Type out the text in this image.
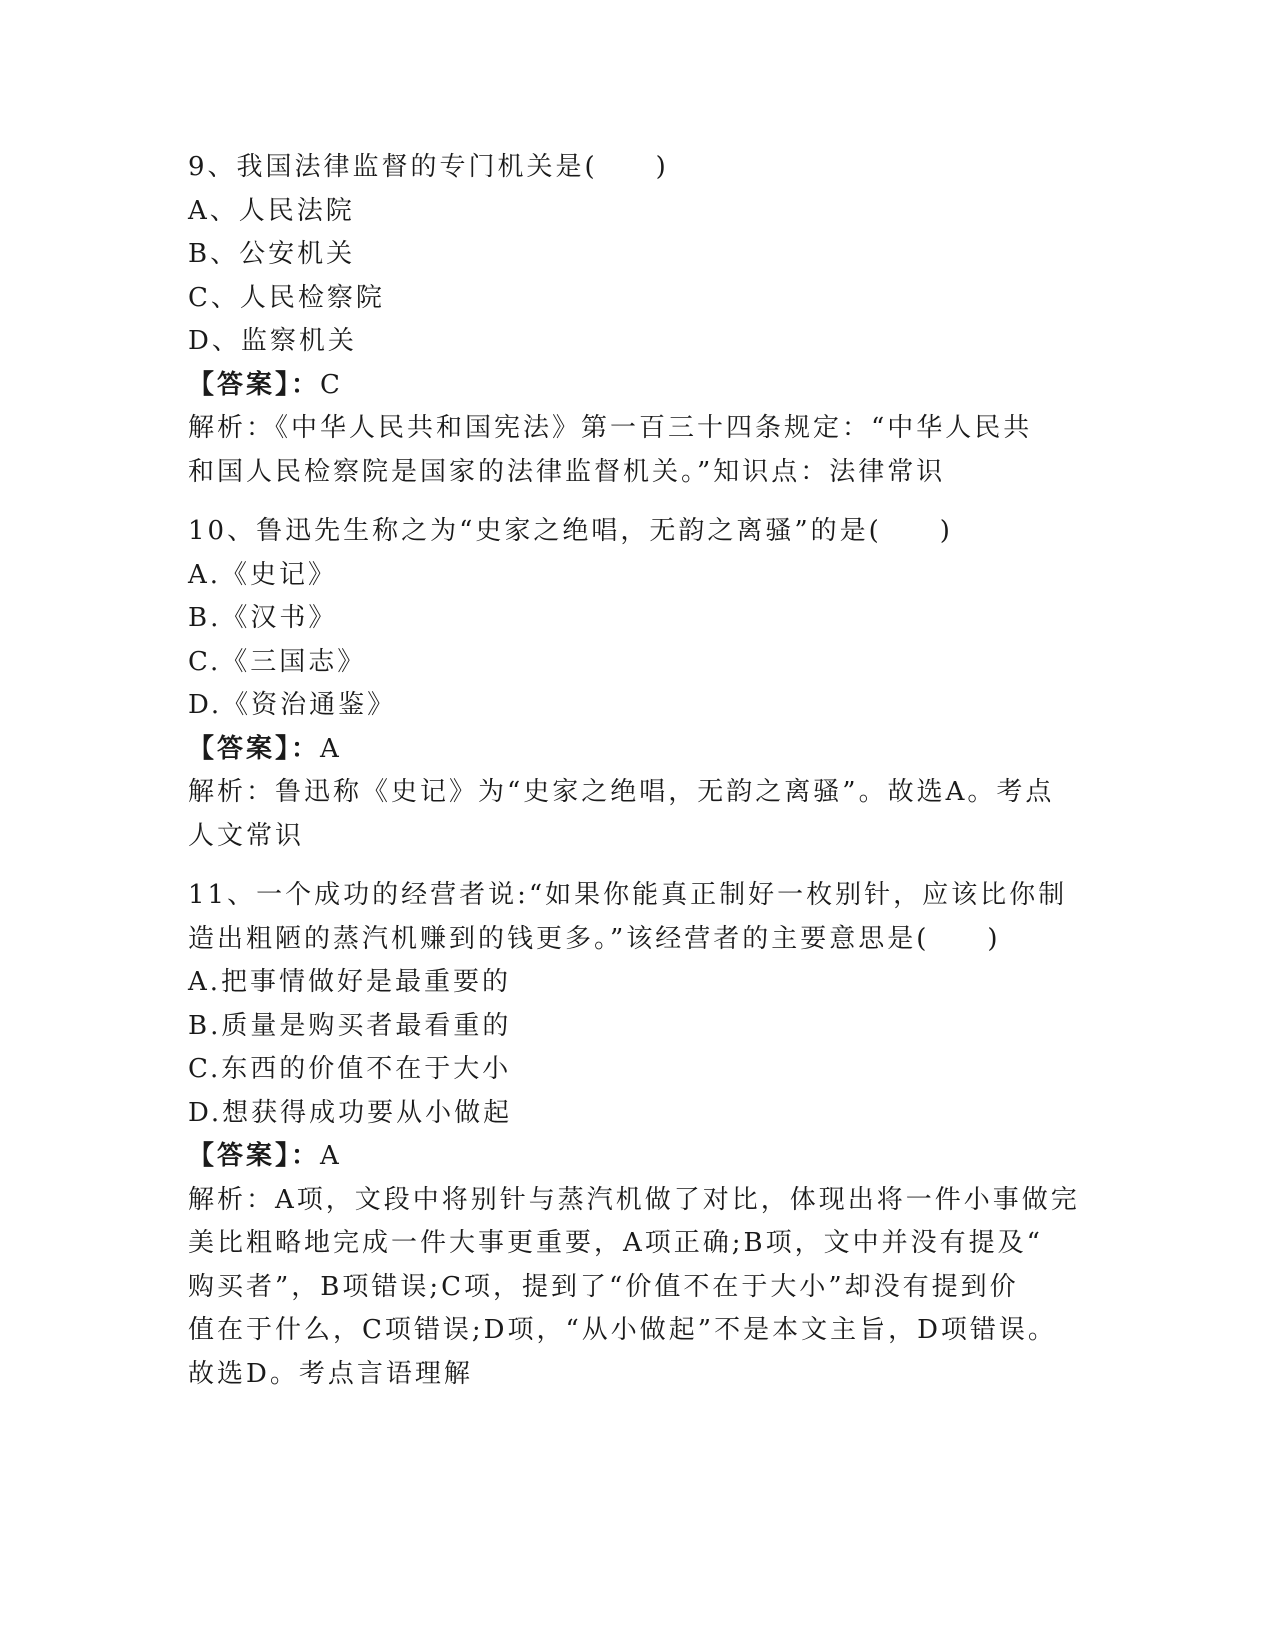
9、我国法律监督的专门机关是(　　)
A、人民法院
B、公安机关
C、人民检察院
D、监察机关
【答案】：C
解析：《中华人民共和国宪法》第一百三十四条规定：“中华人民共
和国人民检察院是国家的法律监督机关。”知识点：法律常识
10、鲁迅先生称之为“史家之绝唱，无韵之离骚”的是(　　)
A.《史记》
B.《汉书》
C.《三国志》
D.《资治通鉴》
【答案】：A
解析：鲁迅称《史记》为“史家之绝唱，无韵之离骚”。故选A。考点
人文常识
11、一个成功的经营者说:“如果你能真正制好一枚别针，应该比你制
造出粗陋的蒸汽机赚到的钱更多。”该经营者的主要意思是(　　)
A.把事情做好是最重要的
B.质量是购买者最看重的
C.东西的价值不在于大小
D.想获得成功要从小做起
【答案】：A
解析：A项，文段中将别针与蒸汽机做了对比，体现出将一件小事做完
美比粗略地完成一件大事更重要，A项正确;B项，文中并没有提及“
购买者”，B项错误;C项，提到了“价值不在于大小”却没有提到价
值在于什么，C项错误;D项，“从小做起”不是本文主旨，D项错误。
故选D。考点言语理解
